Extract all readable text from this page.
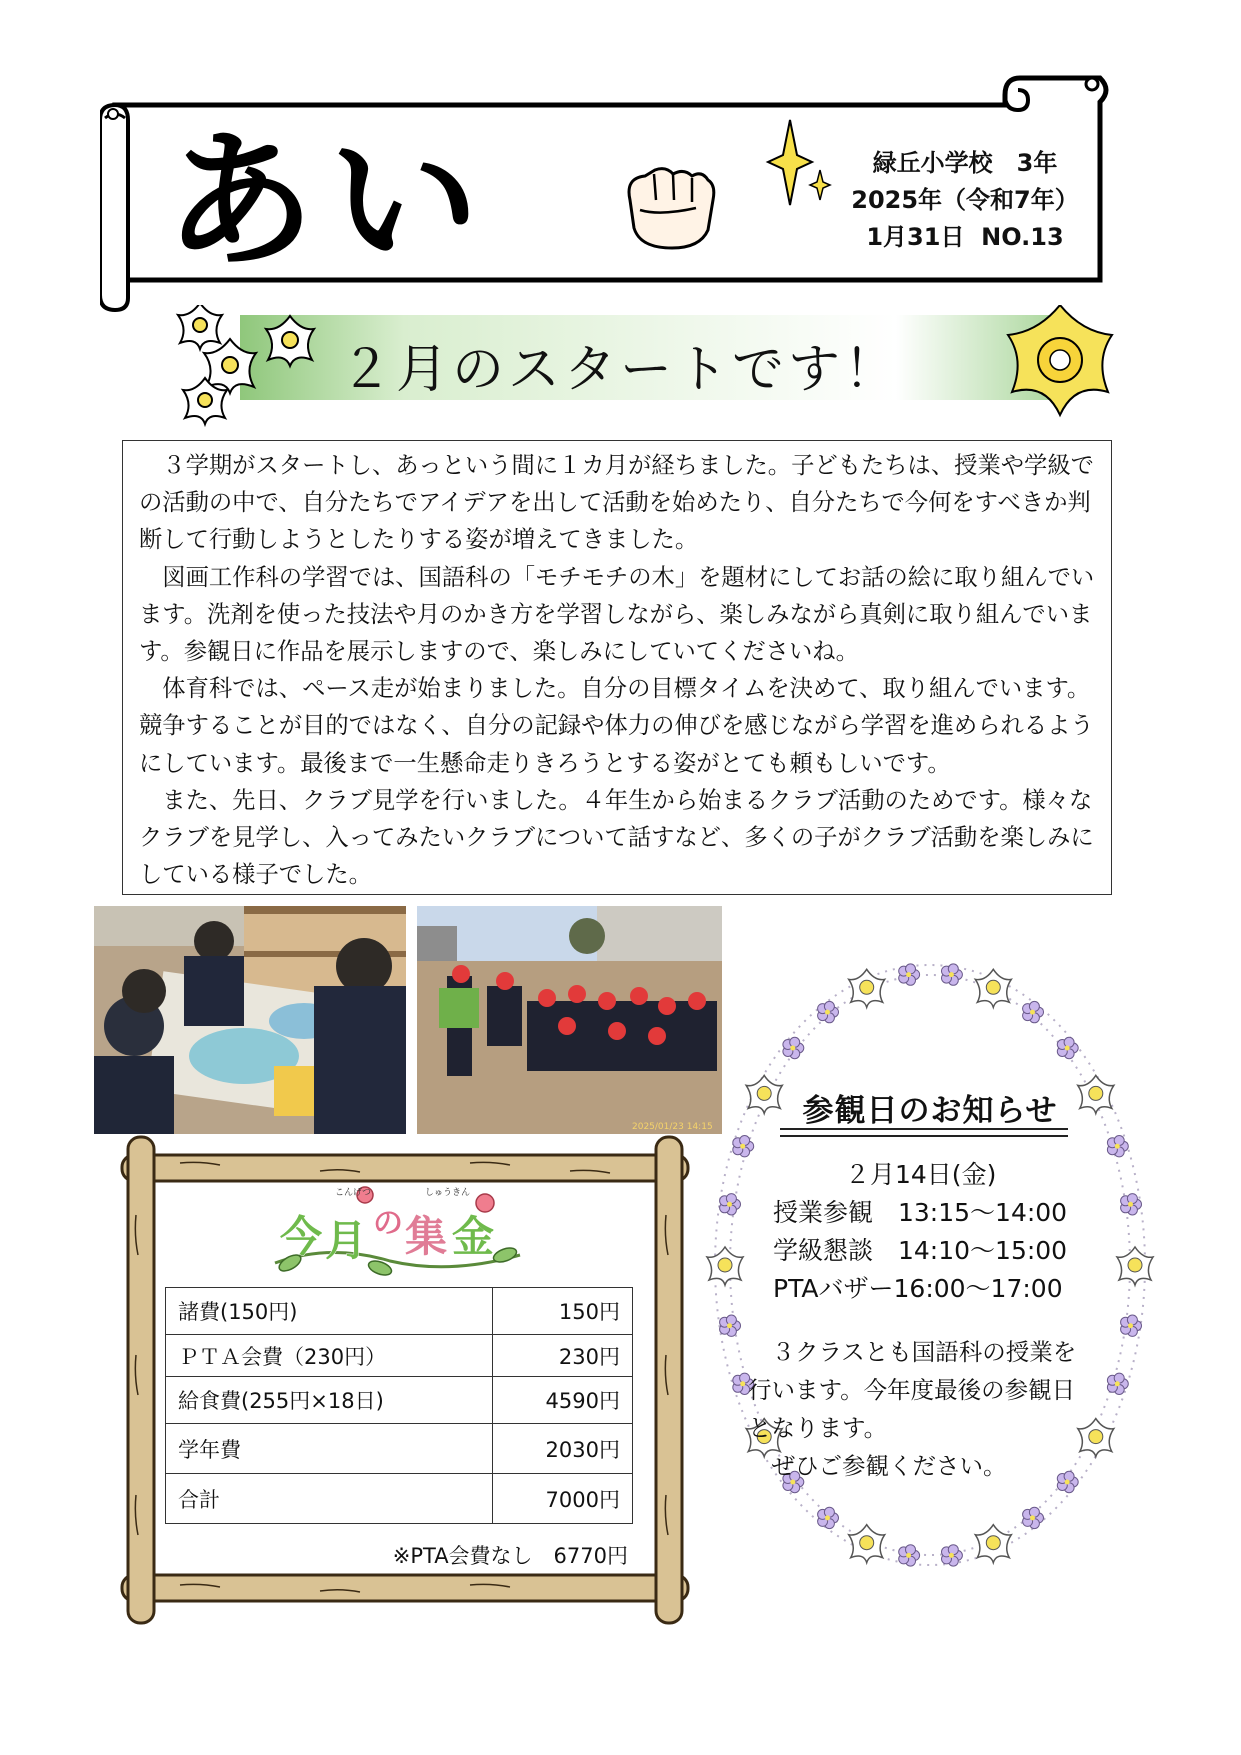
あい	緑丘小学校　3年
2025年（令和7年）
1月31日 NO.13
２月のスタートです！

３学期がスタートし、あっという間に１カ月が経ちました。子どもたちは、授業や学級での活動の中で、自分たちでアイデアを出して活動を始めたり、自分たちで今何をすべきか判断して行動しようとしたりする姿が増えてきました。

図画工作科の学習では、国語科の「モチモチの木」を題材にしてお話の絵に取り組んでいます。洗剤を使った技法や月のかき方を学習しながら、楽しみながら真剣に取り組んでいます。参観日に作品を展示しますので、楽しみにしていてくださいね。

体育科では、ペース走が始まりました。自分の目標タイムを決めて、取り組んでいます。競争することが目的ではなく、自分の記録や体力の伸びを感じながら学習を進められるようにしています。最後まで一生懸命走りきろうとする姿がとても頼もしいです。

また、先日、クラブ見学を行いました。４年生から始まるクラブ活動のためです。様々なクラブを見学し、入ってみたいクラブについて話すなど、多くの子がクラブ活動を楽しみにしている様子でした。

2025/01/23 14:15
こんげつ	しゅうきん
今 月 の 集 金
諸費(150円)	150円
ＰＴＡ会費（230円）	230円
給食費(255円×18日)	4590円
学年費	2030円
合計	7000円
※PTA会費なし　6770円
参観日のお知らせ
２月14日(金)
授業参観　13:15～14:00
学級懇談　14:10～15:00
PTAバザー16:00～17:00
　３クラスとも国語科の授業を
行います。今年度最後の参観日
となります。
　ぜひご参観ください。
